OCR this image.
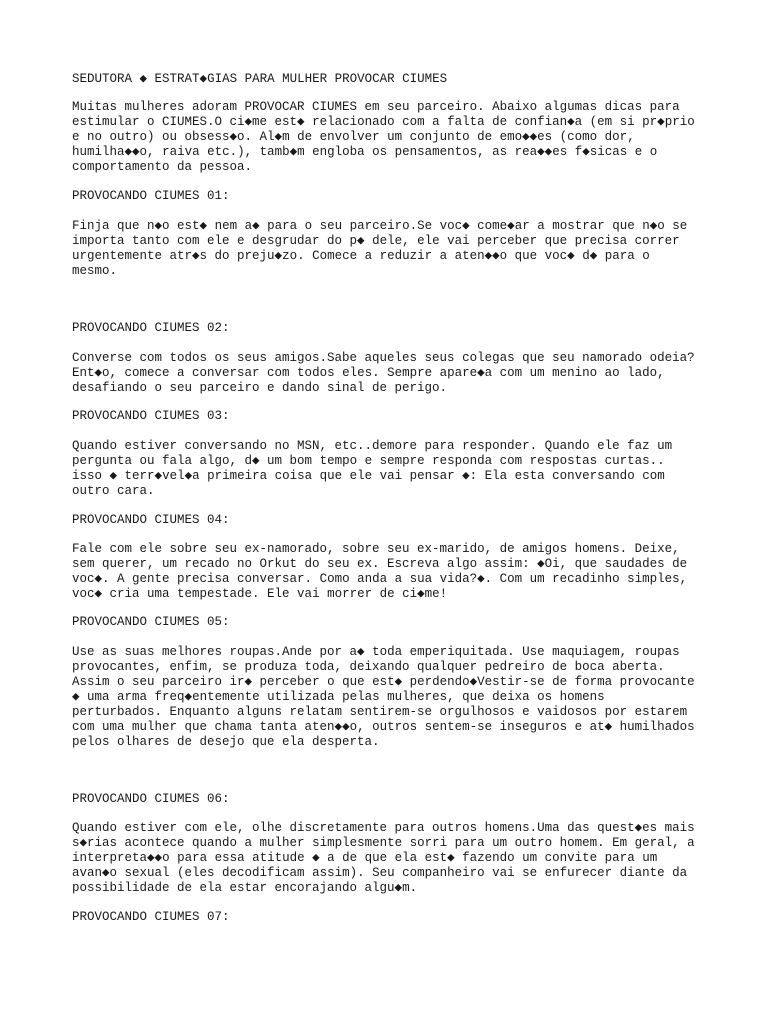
SEDUTORA ◆ ESTRAT◆GIAS PARA MULHER PROVOCAR CIUMES

Muitas mulheres adoram PROVOCAR CIUMES em seu parceiro. Abaixo algumas dicas para

estimular o CIUMES.O ci◆me est◆ relacionado com a falta de confian◆a (em si pr◆prio

e no outro) ou obsess◆o. Al◆m de envolver um conjunto de emo◆◆es (como dor,

humilha◆◆o, raiva etc.), tamb◆m engloba os pensamentos, as rea◆◆es f◆sicas e o

comportamento da pessoa.

PROVOCANDO CIUMES 01:

Finja que n◆o est◆ nem a◆ para o seu parceiro.Se voc◆ come◆ar a mostrar que n◆o se

importa tanto com ele e desgrudar do p◆ dele, ele vai perceber que precisa correr

urgentemente atr◆s do preju◆zo. Comece a reduzir a aten◆◆o que voc◆ d◆ para o

mesmo.

PROVOCANDO CIUMES 02:

Converse com todos os seus amigos.Sabe aqueles seus colegas que seu namorado odeia?

Ent◆o, comece a conversar com todos eles. Sempre apare◆a com um menino ao lado,

desafiando o seu parceiro e dando sinal de perigo.

PROVOCANDO CIUMES 03:

Quando estiver conversando no MSN, etc..demore para responder. Quando ele faz um

pergunta ou fala algo, d◆ um bom tempo e sempre responda com respostas curtas..

isso ◆ terr◆vel◆a primeira coisa que ele vai pensar ◆: Ela esta conversando com

outro cara.

PROVOCANDO CIUMES 04:

Fale com ele sobre seu ex-namorado, sobre seu ex-marido, de amigos homens. Deixe,

sem querer, um recado no Orkut do seu ex. Escreva algo assim: ◆Oi, que saudades de

voc◆. A gente precisa conversar. Como anda a sua vida?◆. Com um recadinho simples,

voc◆ cria uma tempestade. Ele vai morrer de ci◆me!

PROVOCANDO CIUMES 05:

Use as suas melhores roupas.Ande por a◆ toda emperiquitada. Use maquiagem, roupas

provocantes, enfim, se produza toda, deixando qualquer pedreiro de boca aberta.

Assim o seu parceiro ir◆ perceber o que est◆ perdendo◆Vestir-se de forma provocante

◆ uma arma freq◆entemente utilizada pelas mulheres, que deixa os homens

perturbados. Enquanto alguns relatam sentirem-se orgulhosos e vaidosos por estarem

com uma mulher que chama tanta aten◆◆o, outros sentem-se inseguros e at◆ humilhados

pelos olhares de desejo que ela desperta.

PROVOCANDO CIUMES 06:

Quando estiver com ele, olhe discretamente para outros homens.Uma das quest◆es mais

s◆rias acontece quando a mulher simplesmente sorri para um outro homem. Em geral, a

interpreta◆◆o para essa atitude ◆ a de que ela est◆ fazendo um convite para um

avan◆o sexual (eles decodificam assim). Seu companheiro vai se enfurecer diante da

possibilidade de ela estar encorajando algu◆m.

PROVOCANDO CIUMES 07:
